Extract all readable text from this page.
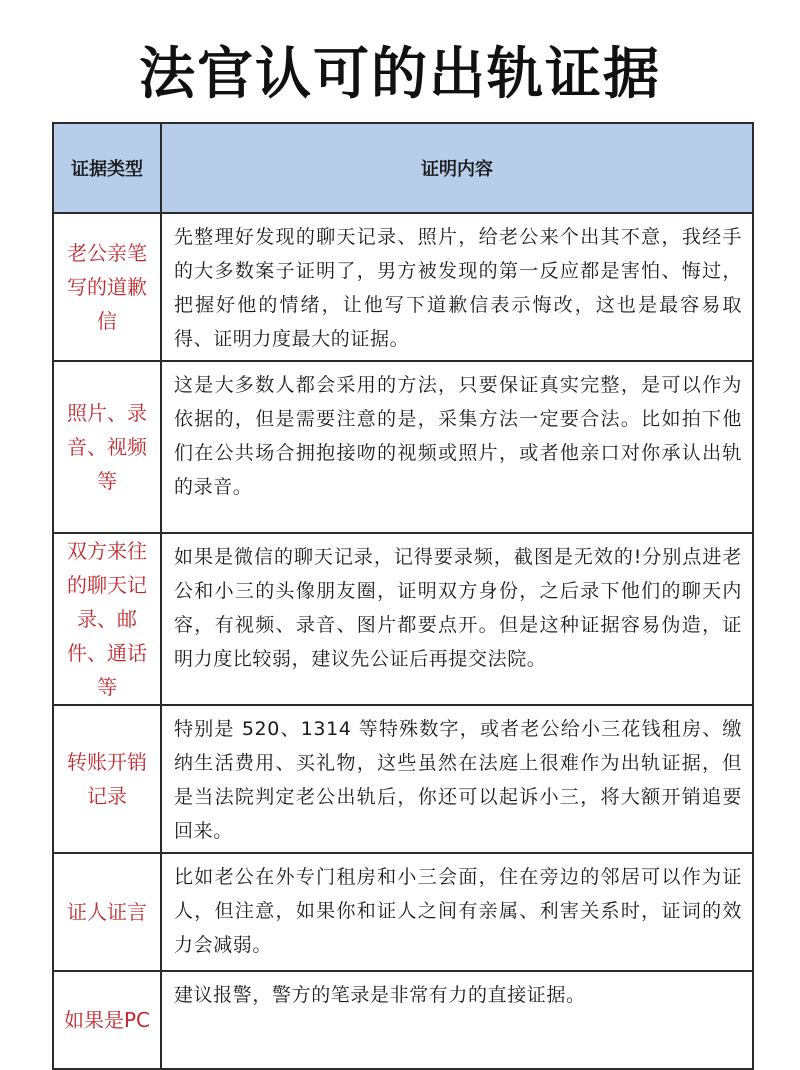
法官认可的出轨证据
证据类型	证明内容
老公亲笔写的道歉信	先整理好发现的聊天记录、照片，给老公来个出其不意，我经手的大多数案子证明了，男方被发现的第一反应都是害怕、悔过，把握好他的情绪，让他写下道歉信表示悔改，这也是最容易取得、证明力度最大的证据。
照片、录音、视频等	这是大多数人都会采用的方法，只要保证真实完整，是可以作为依据的，但是需要注意的是，采集方法一定要合法。比如拍下他们在公共场合拥抱接吻的视频或照片，或者他亲口对你承认出轨的录音。
双方来往的聊天记录、邮件、通话等	如果是微信的聊天记录，记得要录频，截图是无效的!分别点进老公和小三的头像朋友圈，证明双方身份，之后录下他们的聊天内容，有视频、录音、图片都要点开。但是这种证据容易伪造，证明力度比较弱，建议先公证后再提交法院。
转账开销记录	特别是 520、1314 等特殊数字，或者老公给小三花钱租房、缴纳生活费用、买礼物，这些虽然在法庭上很难作为出轨证据，但是当法院判定老公出轨后，你还可以起诉小三，将大额开销追要回来。
证人证言	比如老公在外专门租房和小三会面，住在旁边的邻居可以作为证人，但注意，如果你和证人之间有亲属、利害关系时，证词的效力会减弱。
如果是PC	建议报警，警方的笔录是非常有力的直接证据。
